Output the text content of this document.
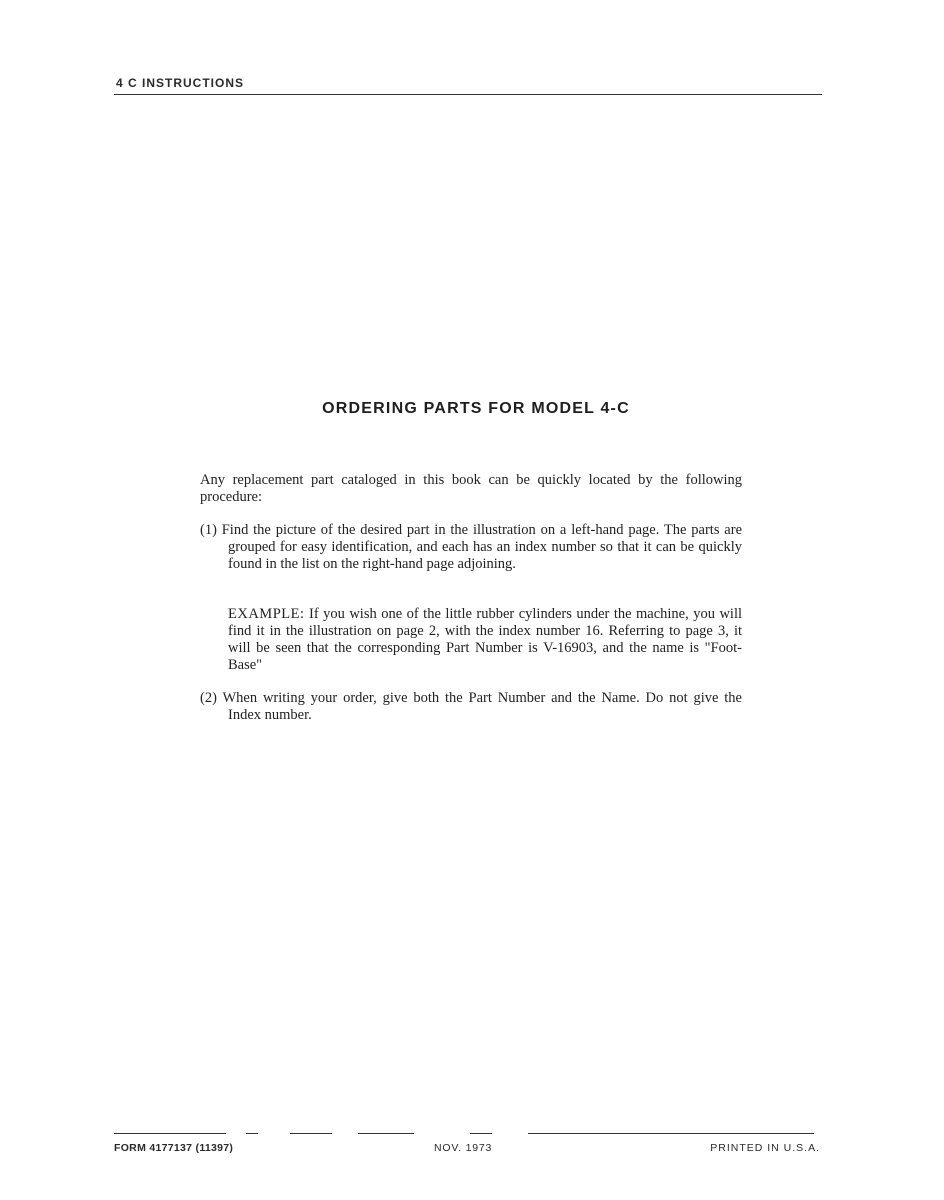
4 C INSTRUCTIONS
ORDERING PARTS FOR MODEL 4-C
Any replacement part cataloged in this book can be quickly located by the following procedure:
(1) Find the picture of the desired part in the illustration on a left-hand page. The parts are grouped for easy identification, and each has an index number so that it can be quickly found in the list on the right-hand page adjoining.
EXAMPLE: If you wish one of the little rubber cylinders under the machine, you will find it in the illustration on page 2, with the index number 16. Referring to page 3, it will be seen that the corresponding Part Number is V-16903, and the name is "Foot-Base"
(2) When writing your order, give both the Part Number and the Name. Do not give the Index number.
FORM 4177137 (11397)	NOV. 1973	PRINTED IN U.S.A.
